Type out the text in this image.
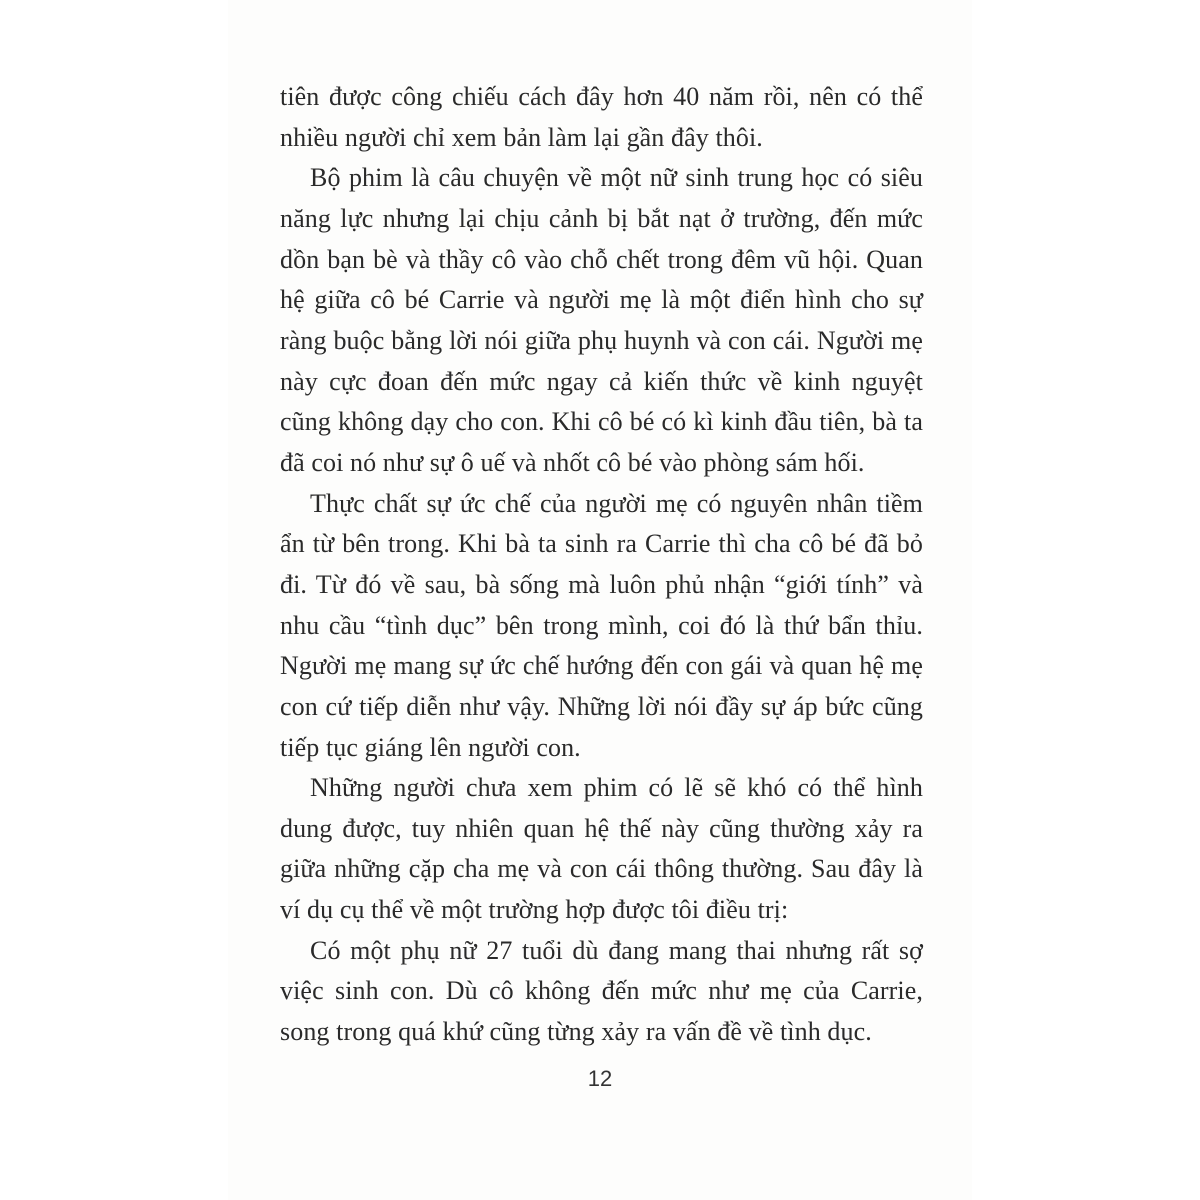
tiên được công chiếu cách đây hơn 40 năm rồi, nên có thể nhiều người chỉ xem bản làm lại gần đây thôi.

Bộ phim là câu chuyện về một nữ sinh trung học có siêu năng lực nhưng lại chịu cảnh bị bắt nạt ở trường, đến mức dồn bạn bè và thầy cô vào chỗ chết trong đêm vũ hội. Quan hệ giữa cô bé Carrie và người mẹ là một điển hình cho sự ràng buộc bằng lời nói giữa phụ huynh và con cái. Người mẹ này cực đoan đến mức ngay cả kiến thức về kinh nguyệt cũng không dạy cho con. Khi cô bé có kì kinh đầu tiên, bà ta đã coi nó như sự ô uế và nhốt cô bé vào phòng sám hối.

Thực chất sự ức chế của người mẹ có nguyên nhân tiềm ẩn từ bên trong. Khi bà ta sinh ra Carrie thì cha cô bé đã bỏ đi. Từ đó về sau, bà sống mà luôn phủ nhận “giới tính” và nhu cầu “tình dục” bên trong mình, coi đó là thứ bẩn thỉu. Người mẹ mang sự ức chế hướng đến con gái và quan hệ mẹ con cứ tiếp diễn như vậy. Những lời nói đầy sự áp bức cũng tiếp tục giáng lên người con.

Những người chưa xem phim có lẽ sẽ khó có thể hình dung được, tuy nhiên quan hệ thế này cũng thường xảy ra giữa những cặp cha mẹ và con cái thông thường. Sau đây là ví dụ cụ thể về một trường hợp được tôi điều trị:

Có một phụ nữ 27 tuổi dù đang mang thai nhưng rất sợ việc sinh con. Dù cô không đến mức như mẹ của Carrie, song trong quá khứ cũng từng xảy ra vấn đề về tình dục.

12
